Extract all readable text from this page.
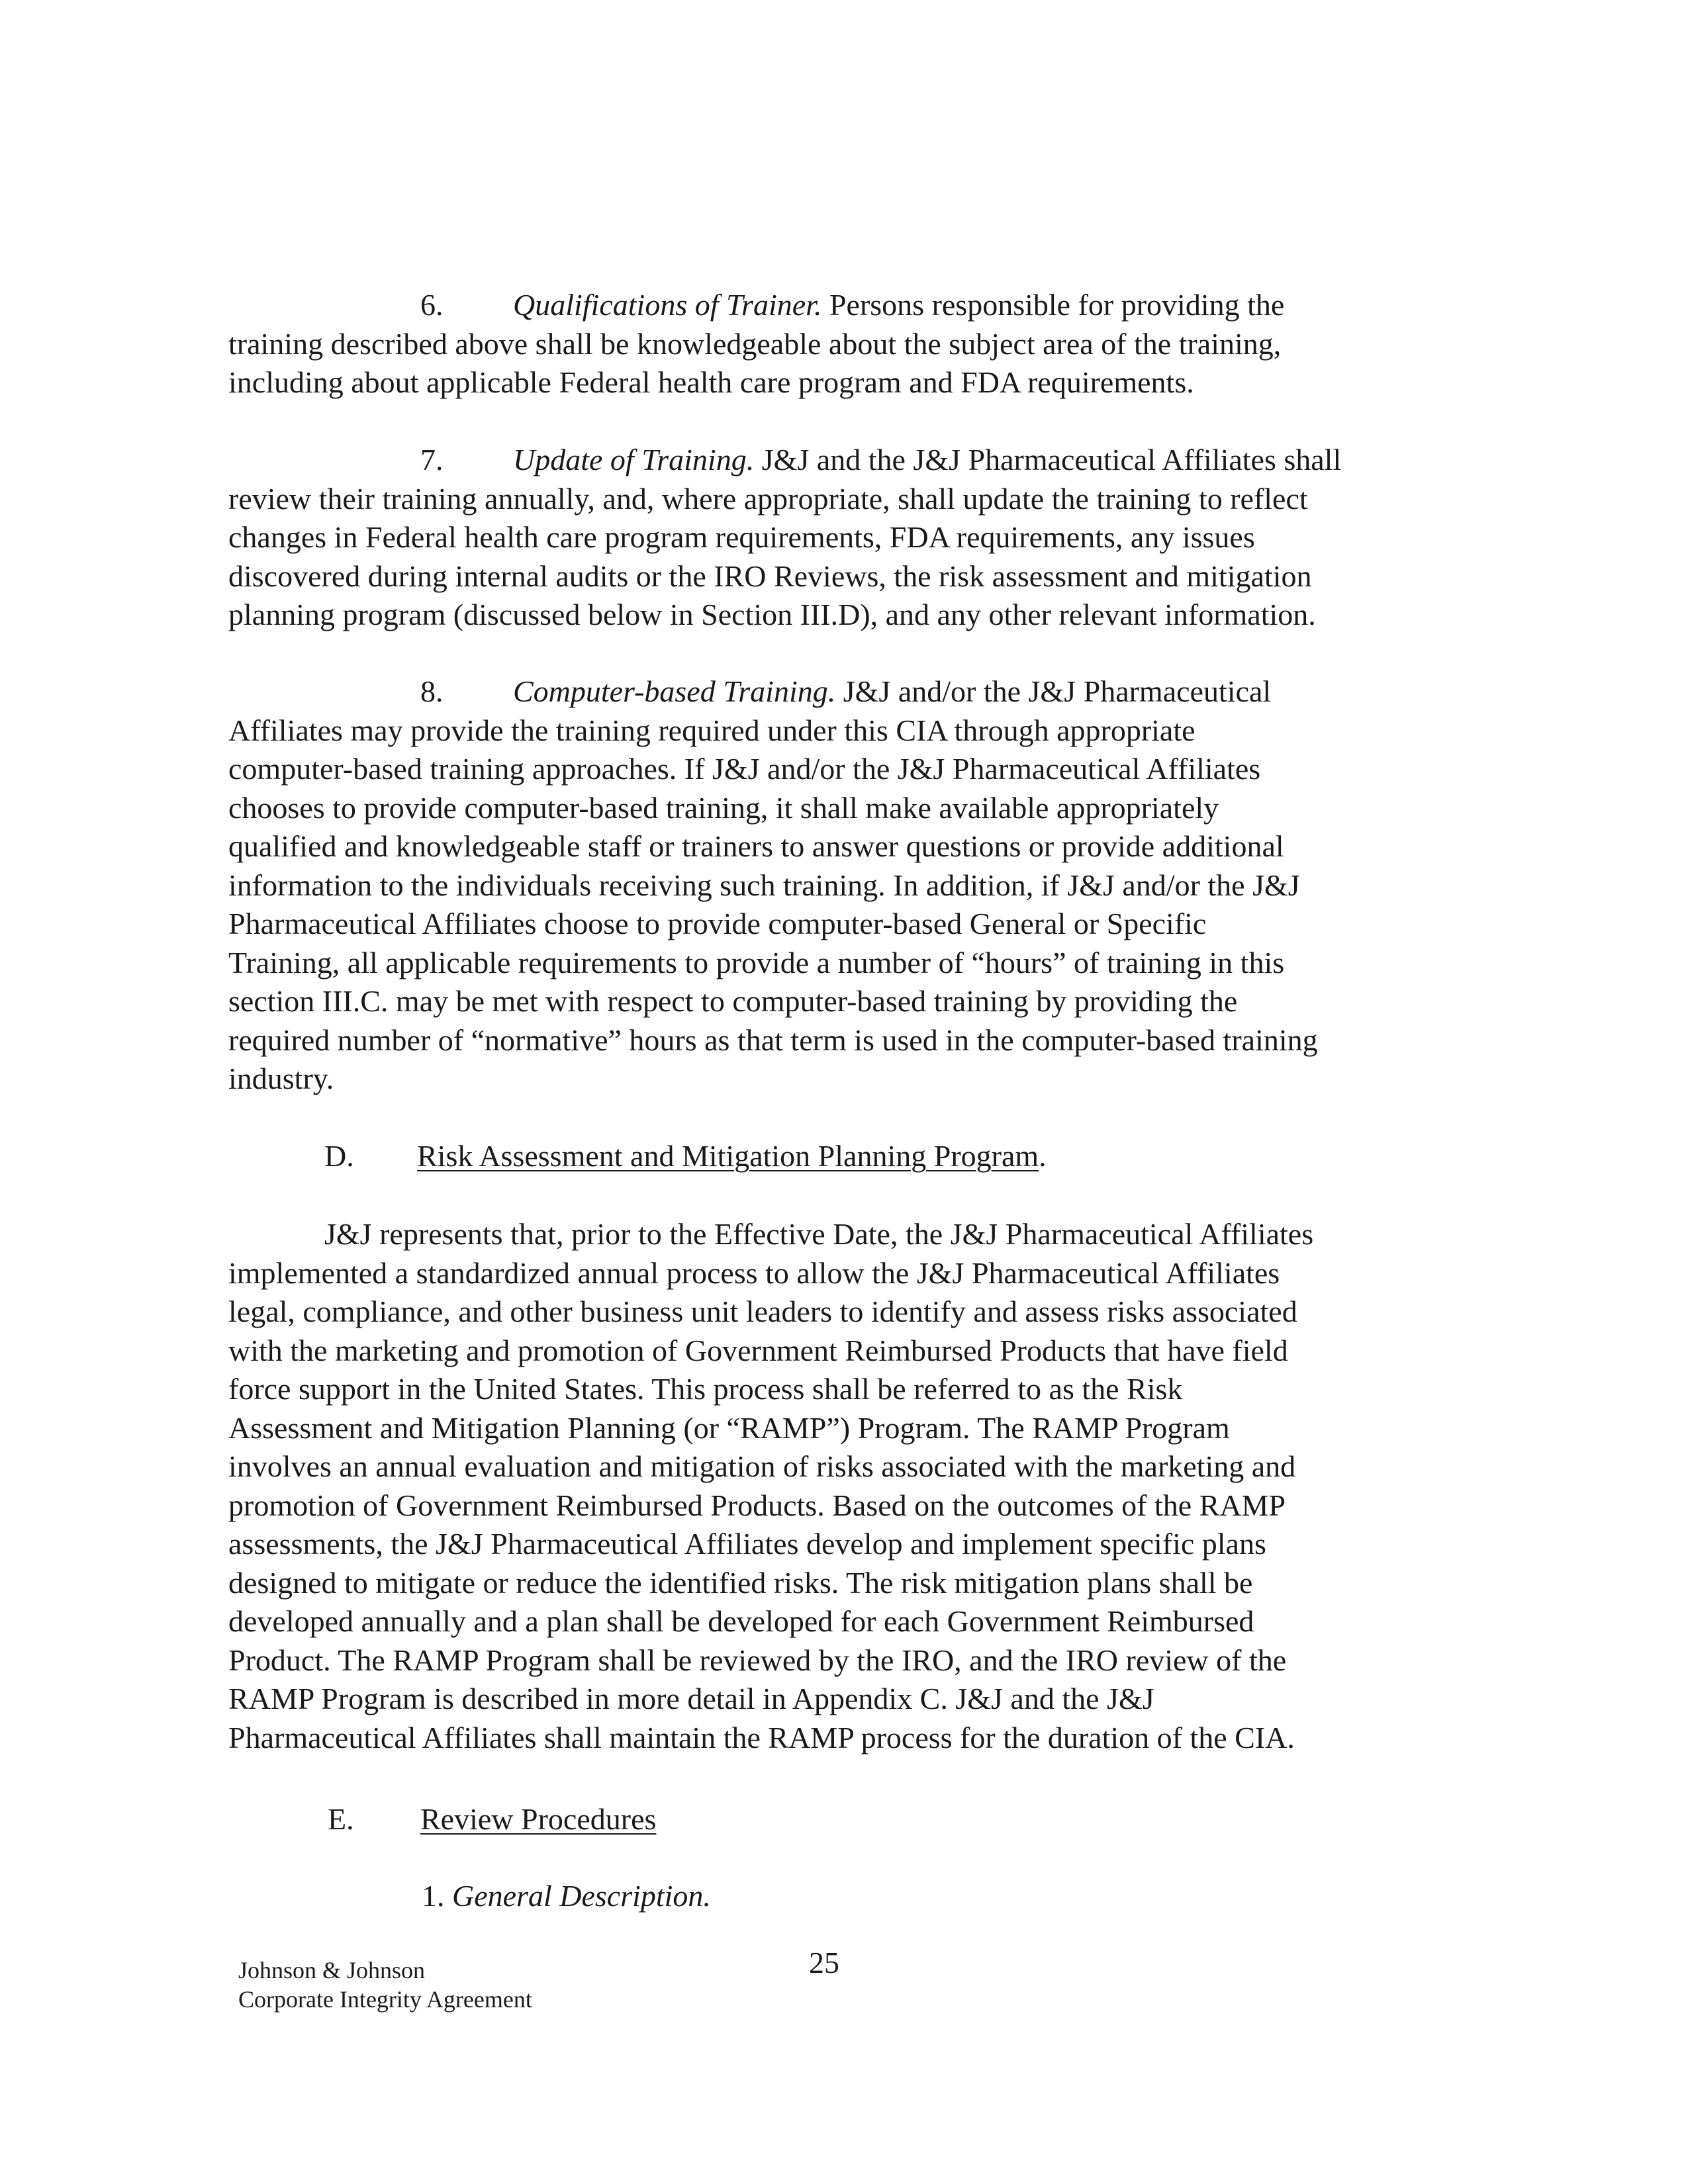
6. Qualifications of Trainer. Persons responsible for providing the
training described above shall be knowledgeable about the subject area of the training,
including about applicable Federal health care program and FDA requirements.
7. Update of Training. J&J and the J&J Pharmaceutical Affiliates shall
review their training annually, and, where appropriate, shall update the training to reflect
changes in Federal health care program requirements, FDA requirements, any issues
discovered during internal audits or the IRO Reviews, the risk assessment and mitigation
planning program (discussed below in Section III.D), and any other relevant information.
8. Computer-based Training. J&J and/or the J&J Pharmaceutical
Affiliates may provide the training required under this CIA through appropriate
computer-based training approaches. If J&J and/or the J&J Pharmaceutical Affiliates
chooses to provide computer-based training, it shall make available appropriately
qualified and knowledgeable staff or trainers to answer questions or provide additional
information to the individuals receiving such training. In addition, if J&J and/or the J&J
Pharmaceutical Affiliates choose to provide computer-based General or Specific
Training, all applicable requirements to provide a number of “hours” of training in this
section III.C. may be met with respect to computer-based training by providing the
required number of “normative” hours as that term is used in the computer-based training
industry.
D. Risk Assessment and Mitigation Planning Program.
J&J represents that, prior to the Effective Date, the J&J Pharmaceutical Affiliates
implemented a standardized annual process to allow the J&J Pharmaceutical Affiliates
legal, compliance, and other business unit leaders to identify and assess risks associated
with the marketing and promotion of Government Reimbursed Products that have field
force support in the United States. This process shall be referred to as the Risk
Assessment and Mitigation Planning (or “RAMP”) Program. The RAMP Program
involves an annual evaluation and mitigation of risks associated with the marketing and
promotion of Government Reimbursed Products. Based on the outcomes of the RAMP
assessments, the J&J Pharmaceutical Affiliates develop and implement specific plans
designed to mitigate or reduce the identified risks. The risk mitigation plans shall be
developed annually and a plan shall be developed for each Government Reimbursed
Product. The RAMP Program shall be reviewed by the IRO, and the IRO review of the
RAMP Program is described in more detail in Appendix C. J&J and the J&J
Pharmaceutical Affiliates shall maintain the RAMP process for the duration of the CIA.
E. Review Procedures
1. General Description.
Johnson & Johnson
Corporate Integrity Agreement
25
